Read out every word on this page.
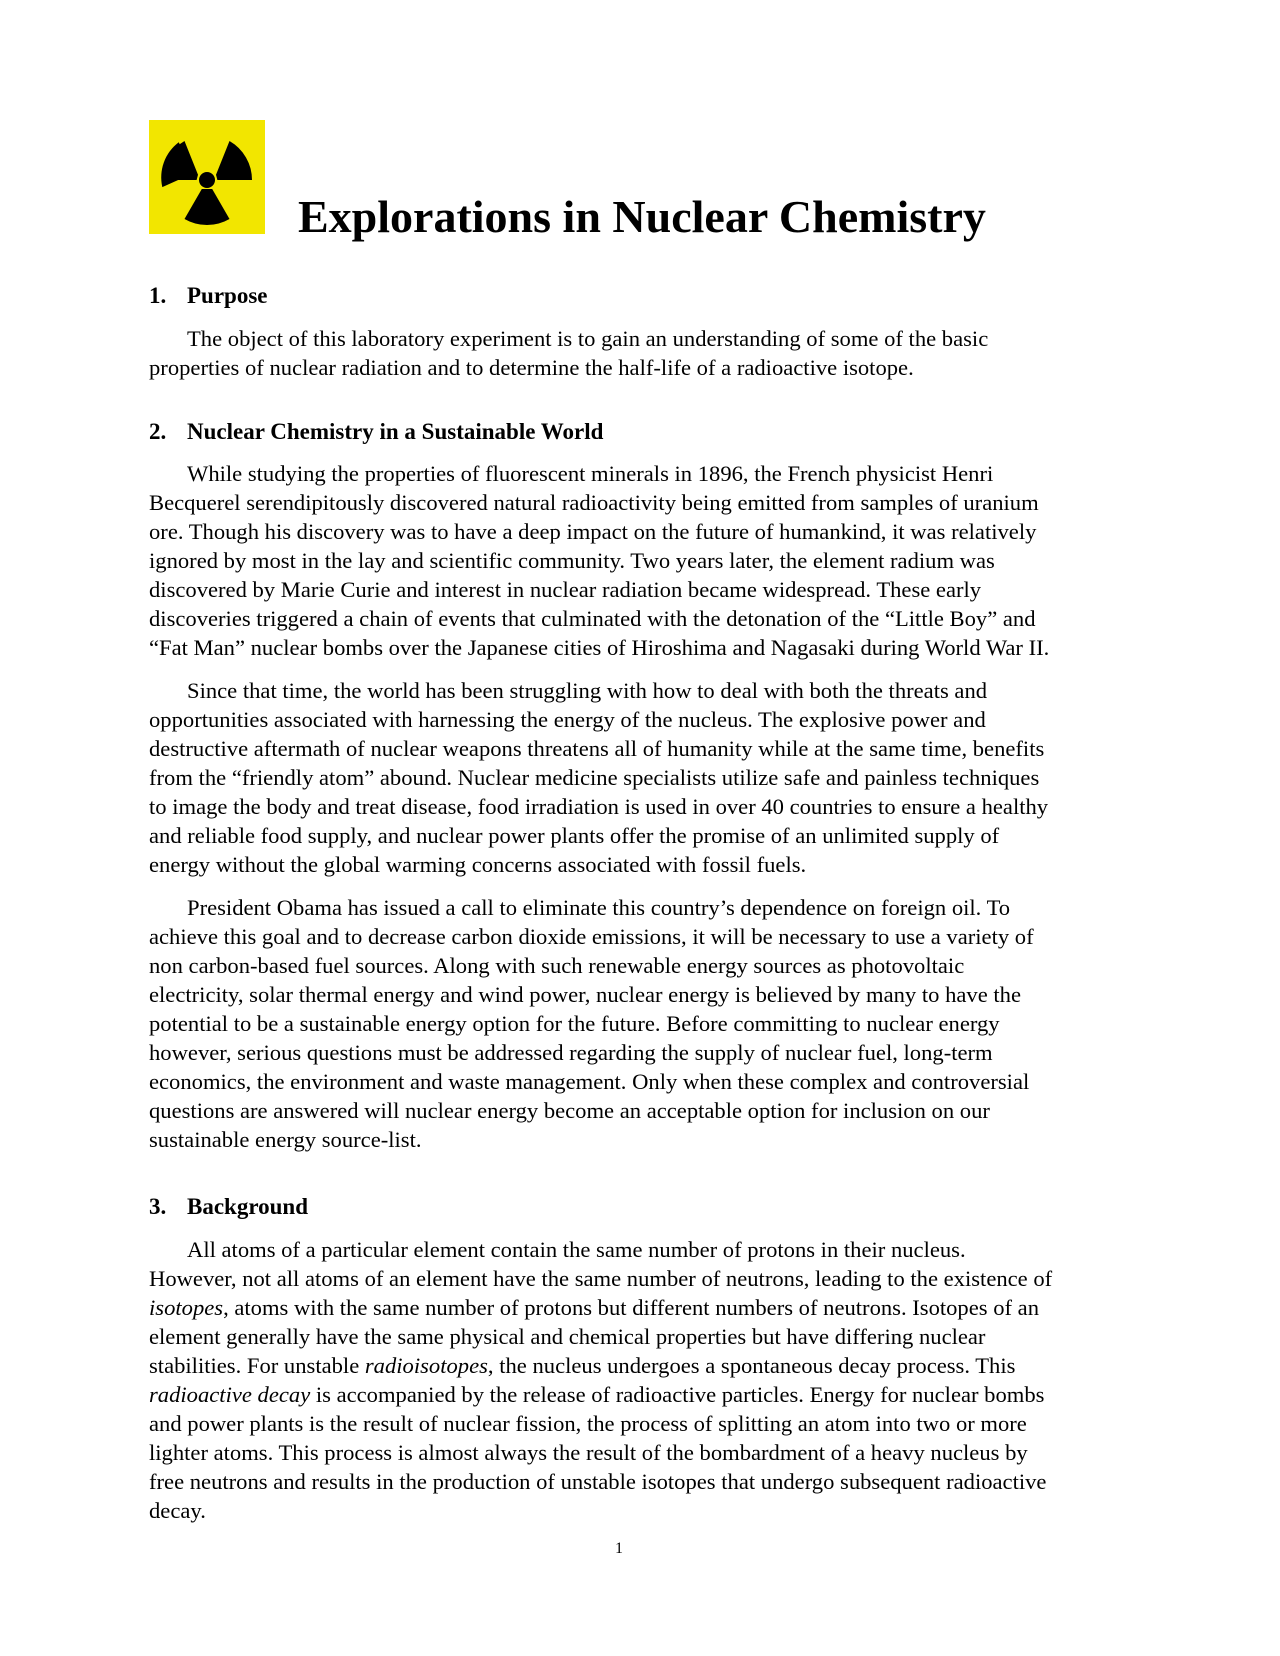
Explorations in Nuclear Chemistry
1. Purpose

The object of this laboratory experiment is to gain an understanding of some of the basic
properties of nuclear radiation and to determine the half-life of a radioactive isotope.

2. Nuclear Chemistry in a Sustainable World

While studying the properties of fluorescent minerals in 1896, the French physicist Henri
Becquerel serendipitously discovered natural radioactivity being emitted from samples of uranium
ore. Though his discovery was to have a deep impact on the future of humankind, it was relatively
ignored by most in the lay and scientific community. Two years later, the element radium was
discovered by Marie Curie and interest in nuclear radiation became widespread. These early
discoveries triggered a chain of events that culminated with the detonation of the “Little Boy” and
“Fat Man” nuclear bombs over the Japanese cities of Hiroshima and Nagasaki during World War II.

Since that time, the world has been struggling with how to deal with both the threats and
opportunities associated with harnessing the energy of the nucleus. The explosive power and
destructive aftermath of nuclear weapons threatens all of humanity while at the same time, benefits
from the “friendly atom” abound. Nuclear medicine specialists utilize safe and painless techniques
to image the body and treat disease, food irradiation is used in over 40 countries to ensure a healthy
and reliable food supply, and nuclear power plants offer the promise of an unlimited supply of
energy without the global warming concerns associated with fossil fuels.

President Obama has issued a call to eliminate this country’s dependence on foreign oil. To
achieve this goal and to decrease carbon dioxide emissions, it will be necessary to use a variety of
non carbon-based fuel sources. Along with such renewable energy sources as photovoltaic
electricity, solar thermal energy and wind power, nuclear energy is believed by many to have the
potential to be a sustainable energy option for the future. Before committing to nuclear energy
however, serious questions must be addressed regarding the supply of nuclear fuel, long-term
economics, the environment and waste management. Only when these complex and controversial
questions are answered will nuclear energy become an acceptable option for inclusion on our
sustainable energy source-list.

3. Background

All atoms of a particular element contain the same number of protons in their nucleus.
However, not all atoms of an element have the same number of neutrons, leading to the existence of
isotopes, atoms with the same number of protons but different numbers of neutrons. Isotopes of an
element generally have the same physical and chemical properties but have differing nuclear
stabilities. For unstable radioisotopes, the nucleus undergoes a spontaneous decay process. This
radioactive decay is accompanied by the release of radioactive particles. Energy for nuclear bombs
and power plants is the result of nuclear fission, the process of splitting an atom into two or more
lighter atoms. This process is almost always the result of the bombardment of a heavy nucleus by
free neutrons and results in the production of unstable isotopes that undergo subsequent radioactive
decay.

1
